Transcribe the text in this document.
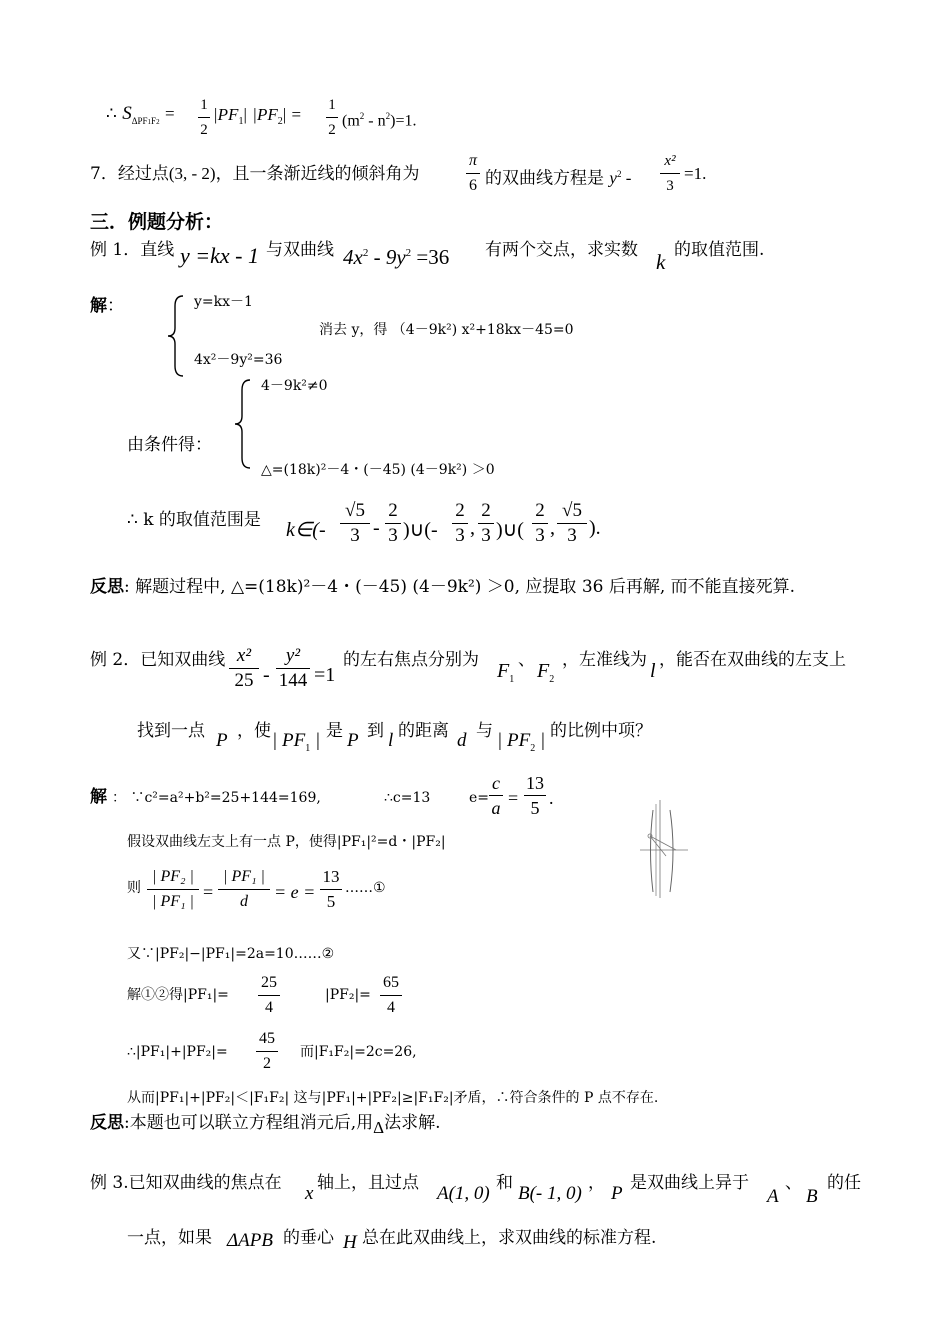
∴ $S_{\Delta PF1F2} = 1$
2
$|PF_1|$ $|PF_2| = 1$
2
$(m^2 - n^2)=1$.
7．经过点(3, - 2)，且一条渐近线的倾斜角为
π
6 的双曲线方程是 $y^2$ -
x²
3
=1.
三．例题分析：
例 1．直线 y =kx - 1 与双曲线 $4x^2 - 9y^2 =36$ 有两个交点，求实数 k 的取值范围.
解：	y=kx－1
4x²－9y²=36
消去 y，得 （4－9k²) x²+18kx－45=0
4－9k²≠0
由条件得：
△=(18k)²－4・(－45) (4－9k²) ＞0
∴ k 的取值范围是 k∈(-
√5
3 -
2
3 )∪(-
2
3 ,
2
3 )∪(
2
3 ,
√5
3 ).
反思: 解题过程中, △=(18k)²－4・(－45) (4－9k²) ＞0, 应提取 36 后再解, 而不能直接死算.
例 2．已知双曲线 x²
25 -
y²
144 =1
的左右焦点分别为 $F_1$
、 $F_2$
，左准线为 l ，能否在双曲线的左支上
找到一点 P ，使 | $PF_1$ | 是 P 到 l 的距离 d 与 | $PF_2$ | 的比例中项？
解 ： ∵c²=a²+b²=25+144=169,	∴c=13	e=
c
a =
13
5 .
假设双曲线左支上有一点 P，使得|PF₁|²=d・|PF₂|
则
| PF₂ |
| PF₁ | =
| PF₁ |
d	= e =
13
5
……①
又∵|PF₂|−|PF₁|=2a=10……②
解①②得|PF₁|=
25
4
|PF₂|=
65
4
∴|PF₁|+|PF₂|=
45
2
而|F₁F₂|=2c=26,
从而|PF₁|+|PF₂|＜|F₁F₂| 这与|PF₁|+|PF₂|≥|F₁F₂|矛盾，∴符合条件的 P 点不存在.
反思:本题也可以联立方程组消元后,用Δ法求解.
例 3.已知双曲线的焦点在 x 轴上，且过点 A(1, 0) 和 B(- 1, 0) ， P 是双曲线上异于
A
、
B
的任
一点，如果 ΔAPB 的垂心 H 总在此双曲线上，求双曲线的标准方程.
